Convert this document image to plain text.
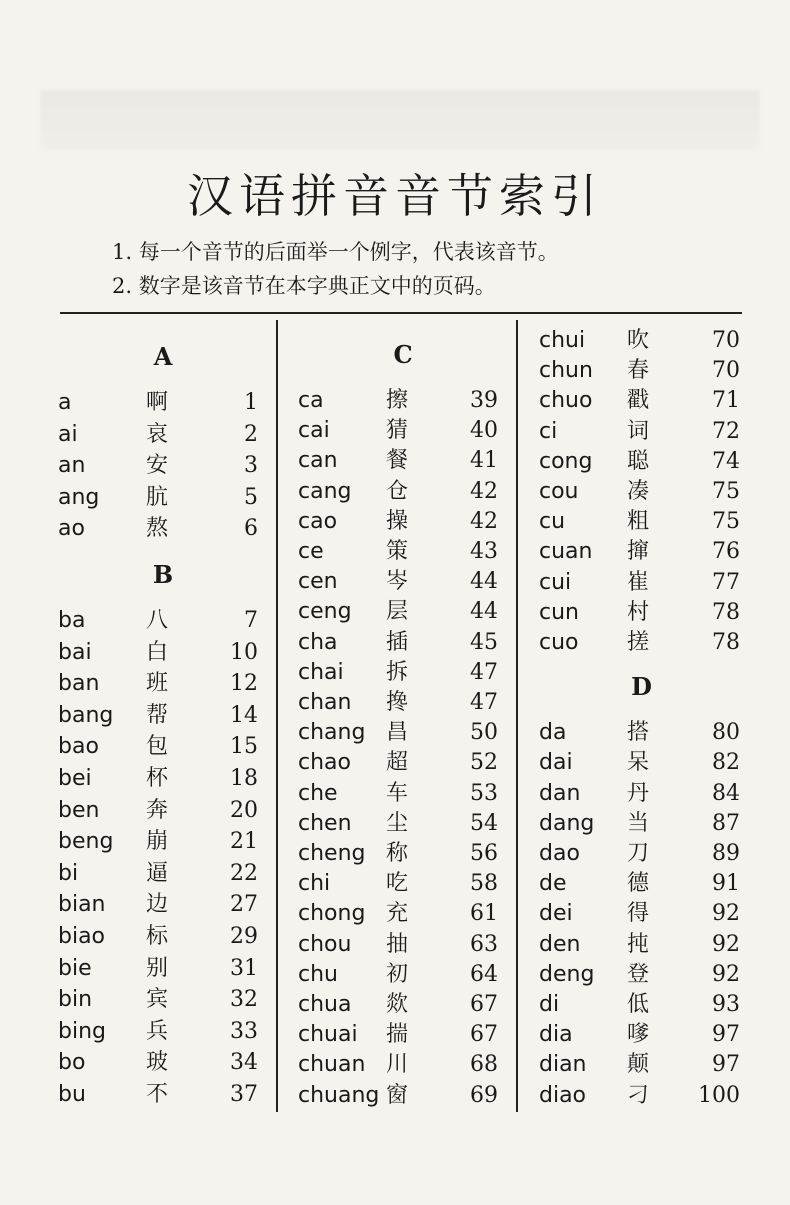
汉语拼音音节索引
1. 每一个音节的后面举一个例字，代表该音节。
2. 数字是该音节在本字典正文中的页码。
A
a	啊	1
ai	哀	2
an	安	3
ang 肮	5
ao	熬	6
B
ba	八	7
bai 白	10
ban 班	12
bang 帮	14
bao 包	15
bei 杯	18
ben 奔	20
beng 崩	21
bi	逼	22
bian 边	27
biao 标	29
bie 别	31
bin 宾	32
bing 兵	33
bo	玻	34
bu	不	37
C
ca	擦	39
cai	猜	40
can 餐	41
cang 仓	42
cao 操	42
ce	策	43
cen 岑	44
ceng 层	44
cha 插	45
chai 拆	47
chan 搀	47
chang 昌	50
chao 超	52
che 车	53
chen 尘	54
cheng 称	56
chi	吃	58
chong 充	61
chou 抽	63
chu 初	64
chua 欻	67
chuai 揣	67
chuan 川	68
chuang 窗	69
chui 吹	70
chun 春	70
chuo 戳	71
ci	词	72
cong 聪	74
cou 凑	75
cu	粗	75
cuan 撺	76
cui	崔	77
cun 村	78
cuo 搓	78
D
da	搭	80
dai 呆	82
dan 丹	84
dang 当	87
dao 刀	89
de	德	91
dei 得	92
den 扽	92
deng 登	92
di	低	93
dia 嗲	97
dian 颠	97
diao 刁 100
